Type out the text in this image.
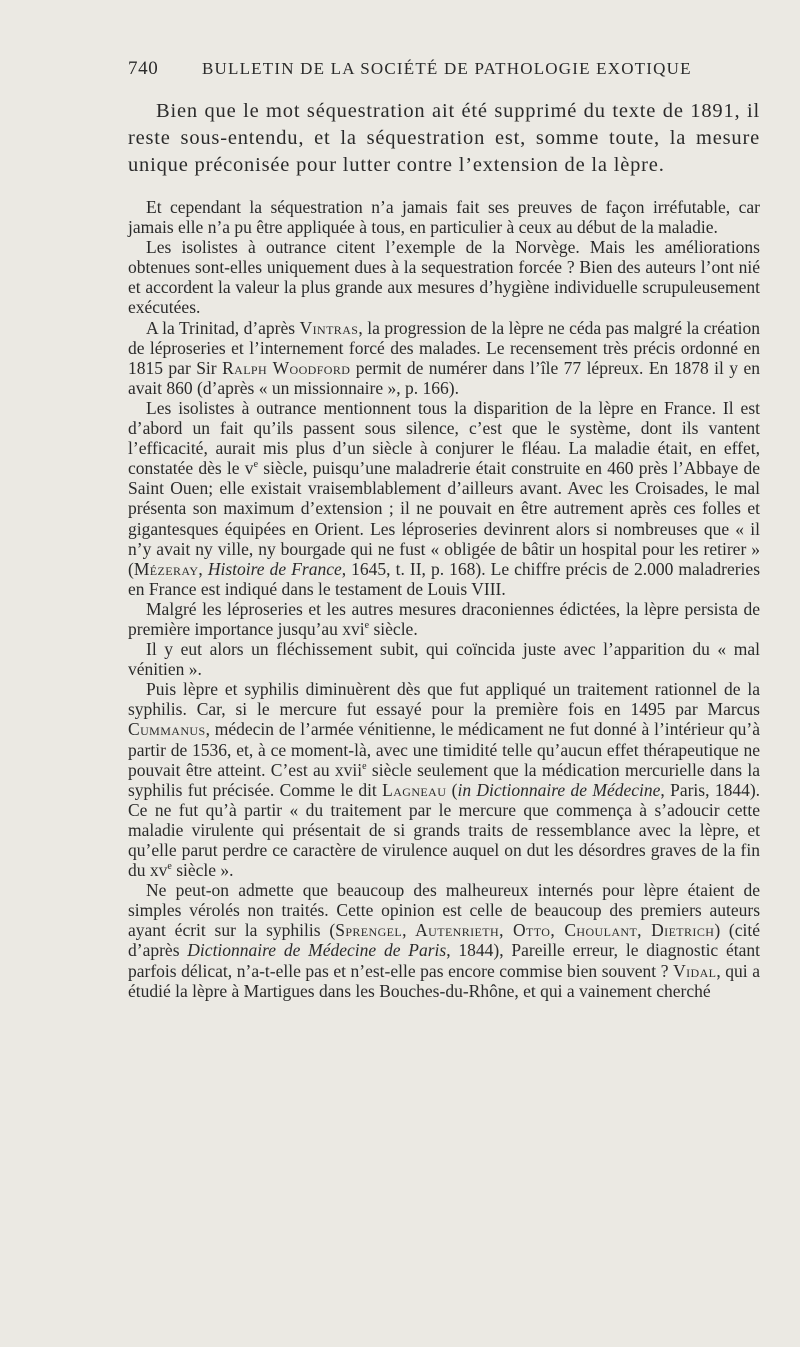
740	BULLETIN DE LA SOCIÉTÉ DE PATHOLOGIE EXOTIQUE

Bien que le mot séquestration ait été supprimé du texte de 1891, il reste sous-entendu, et la séquestration est, somme toute, la mesure unique préconisée pour lutter contre l’extension de la lèpre.

Et cependant la séquestration n’a jamais fait ses preuves de façon irréfutable, car jamais elle n’a pu être appliquée à tous, en particulier à ceux au début de la maladie.

Les isolistes à outrance citent l’exemple de la Norvège. Mais les améliorations obtenues sont-elles uniquement dues à la sequestration forcée ? Bien des auteurs l’ont nié et accordent la valeur la plus grande aux mesures d’hygiène individuelle scrupuleusement exécutées.

A la Trinitad, d’après Vintras, la progression de la lèpre ne céda pas malgré la création de léproseries et l’internement forcé des malades. Le recensement très précis ordonné en 1815 par Sir Ralph Woodford permit de numérer dans l’île 77 lépreux. En 1878 il y en avait 860 (d’après « un missionnaire », p. 166).

Les isolistes à outrance mentionnent tous la disparition de la lèpre en France. Il est d’abord un fait qu’ils passent sous silence, c’est que le système, dont ils vantent l’efficacité, aurait mis plus d’un siècle à conjurer le fléau. La maladie était, en effet, constatée dès le $v^e$ siècle, puisqu’une maladrerie était construite en 460 près l’Abbaye de Saint Ouen; elle existait vraisemblablement d’ailleurs avant. Avec les Croisades, le mal présenta son maximum d’extension ; il ne pouvait en être autrement après ces folles et gigantesques équipées en Orient. Les léproseries devinrent alors si nombreuses que « il n’y avait ny ville, ny bourgade qui ne fust « obligée de bâtir un hospital pour les retirer » (Mézeray, Histoire de France, 1645, t. II, p. 168). Le chiffre précis de 2.000 maladreries en France est indiqué dans le testament de Louis VIII.

Malgré les léproseries et les autres mesures draconiennes édictées, la lèpre persista de première importance jusqu’au xvi$^e$ siècle.

Il y eut alors un fléchissement subit, qui coïncida juste avec l’apparition du « mal vénitien ».

Puis lèpre et syphilis diminuèrent dès que fut appliqué un traitement rationnel de la syphilis. Car, si le mercure fut essayé pour la première fois en 1495 par Marcus Cummanus, médecin de l’armée vénitienne, le médicament ne fut donné à l’intérieur qu’à partir de 1536, et, à ce moment-là, avec une timidité telle qu’aucun effet thérapeutique ne pouvait être atteint. C’est au xvii$^e$ siècle seulement que la médication mercurielle dans la syphilis fut précisée. Comme le dit Lagneau (in Dictionnaire de Médecine, Paris, 1844). Ce ne fut qu’à partir « du traitement par le mercure que commença à s’adoucir cette maladie virulente qui présentait de si grands traits de ressemblance avec la lèpre, et qu’elle parut perdre ce caractère de virulence auquel on dut les désordres graves de la fin du $xv^e$ siècle ».

Ne peut-on admette que beaucoup des malheureux internés pour lèpre étaient de simples vérolés non traités. Cette opinion est celle de beaucoup des premiers auteurs ayant écrit sur la syphilis (Sprengel, Autenrieth, Otto, Choulant, Dietrich) (cité d’après Dictionnaire de Médecine de Paris, 1844), Pareille erreur, le diagnostic étant parfois délicat, n’a-t-elle pas et n’est-elle pas encore commise bien souvent ? Vidal, qui a étudié la lèpre à Martigues dans les Bouches-du-Rhône, et qui a vainement cherché
